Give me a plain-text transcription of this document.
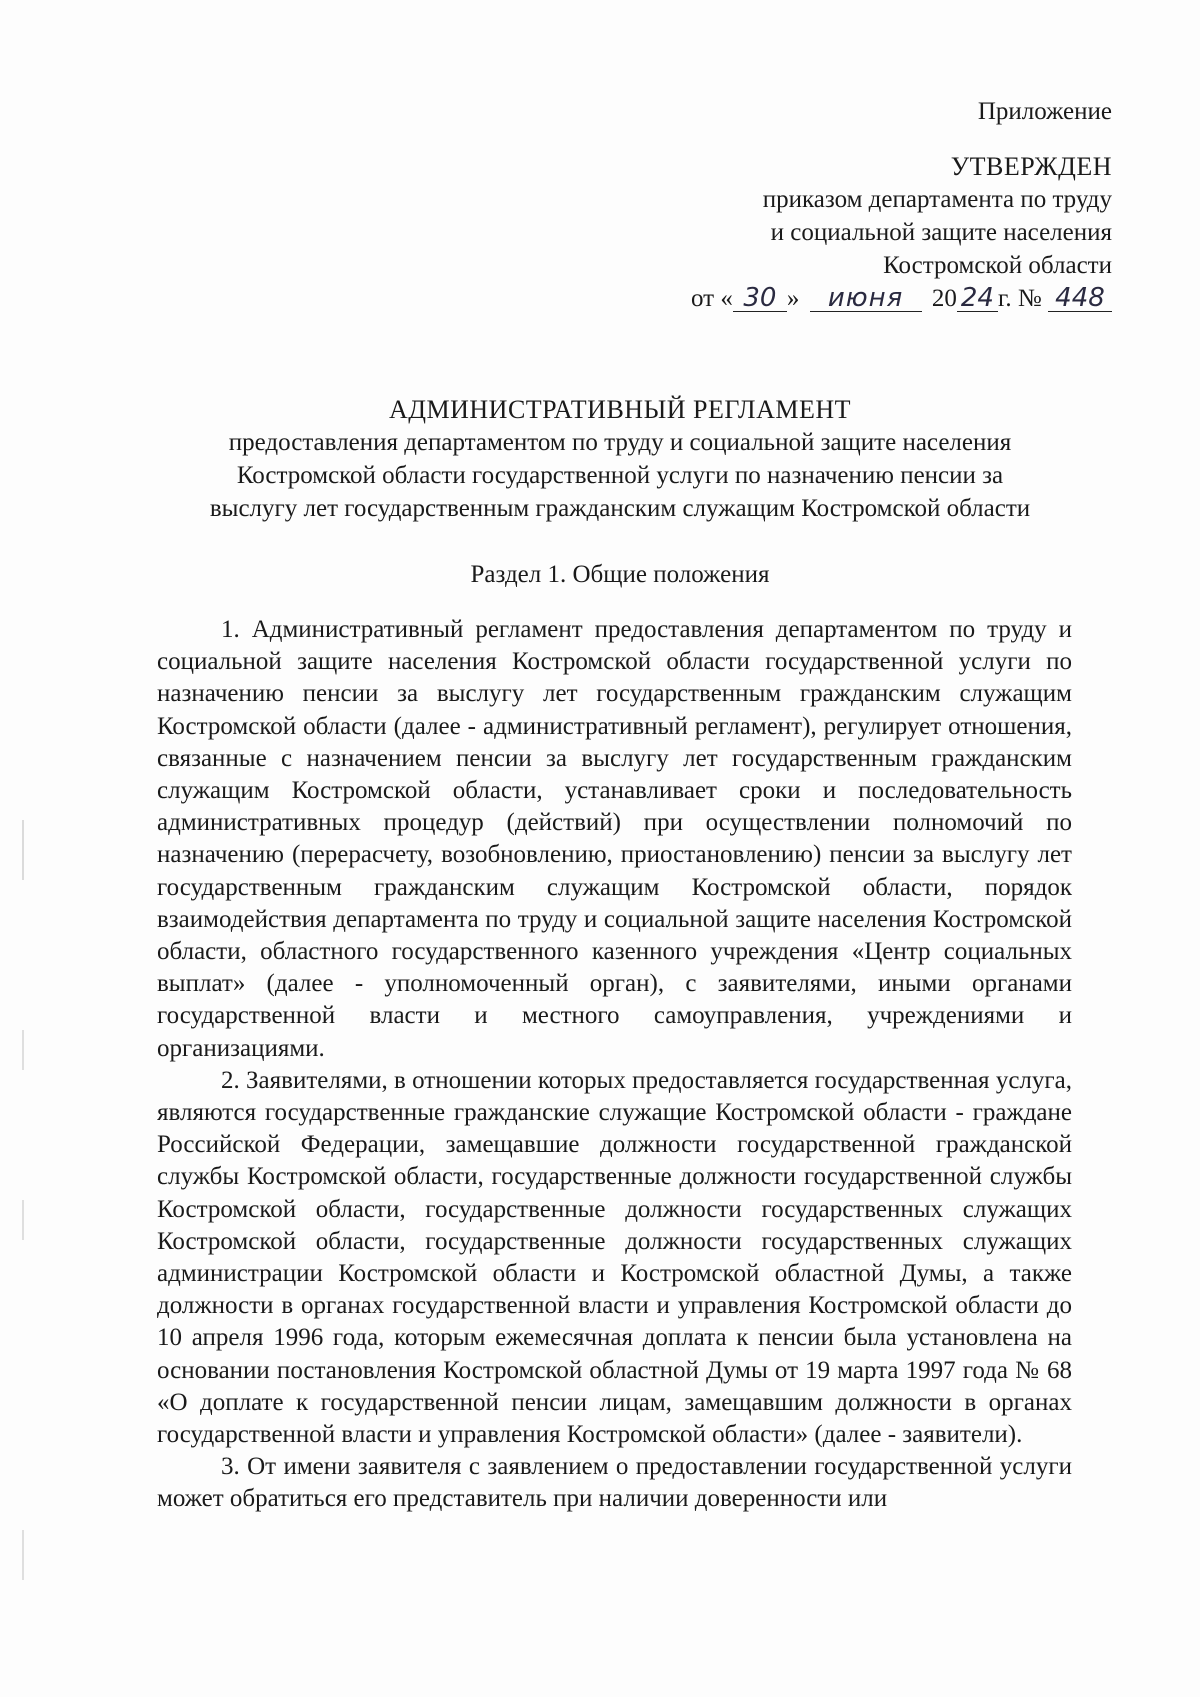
Приложение
УТВЕРЖДЕН
приказом департамента по труду
и социальной защите населения
Костромской области
от « 30 » июня 20 24 г. № 448
АДМИНИСТРАТИВНЫЙ РЕГЛАМЕНТ
предоставления департаментом по труду и социальной защите населения
Костромской области государственной услуги по назначению пенсии за
выслугу лет государственным гражданским служащим Костромской области
Раздел 1. Общие положения

1. Административный регламент предоставления департаментом по труду и социальной защите населения Костромской области государственной услуги по назначению пенсии за выслугу лет государственным гражданским служащим Костромской области (далее - административный регламент), регулирует отношения, связанные с назначением пенсии за выслугу лет государственным гражданским служащим Костромской области, устанавливает сроки и последовательность административных процедур (действий) при осуществлении полномочий по назначению (перерасчету, возобновлению, приостановлению) пенсии за выслугу лет государственным гражданским служащим Костромской области, порядок взаимодействия департамента по труду и социальной защите населения Костромской области, областного государственного казенного учреждения «Центр социальных выплат» (далее - уполномоченный орган), с заявителями, иными органами государственной власти и местного самоуправления, учреждениями и организациями.

2. Заявителями, в отношении которых предоставляется государственная услуга, являются государственные гражданские служащие Костромской области - граждане Российской Федерации, замещавшие должности государственной гражданской службы Костромской области, государственные должности государственной службы Костромской области, государственные должности государственных служащих Костромской области, государственные должности государственных служащих администрации Костромской области и Костромской областной Думы, а также должности в органах государственной власти и управления Костромской области до 10 апреля 1996 года, которым ежемесячная доплата к пенсии была установлена на основании постановления Костромской областной Думы от 19 марта 1997 года № 68 «О доплате к государственной пенсии лицам, замещавшим должности в органах государственной власти и управления Костромской области» (далее - заявители).

3. От имени заявителя с заявлением о предоставлении государственной услуги может обратиться его представитель при наличии доверенности или
